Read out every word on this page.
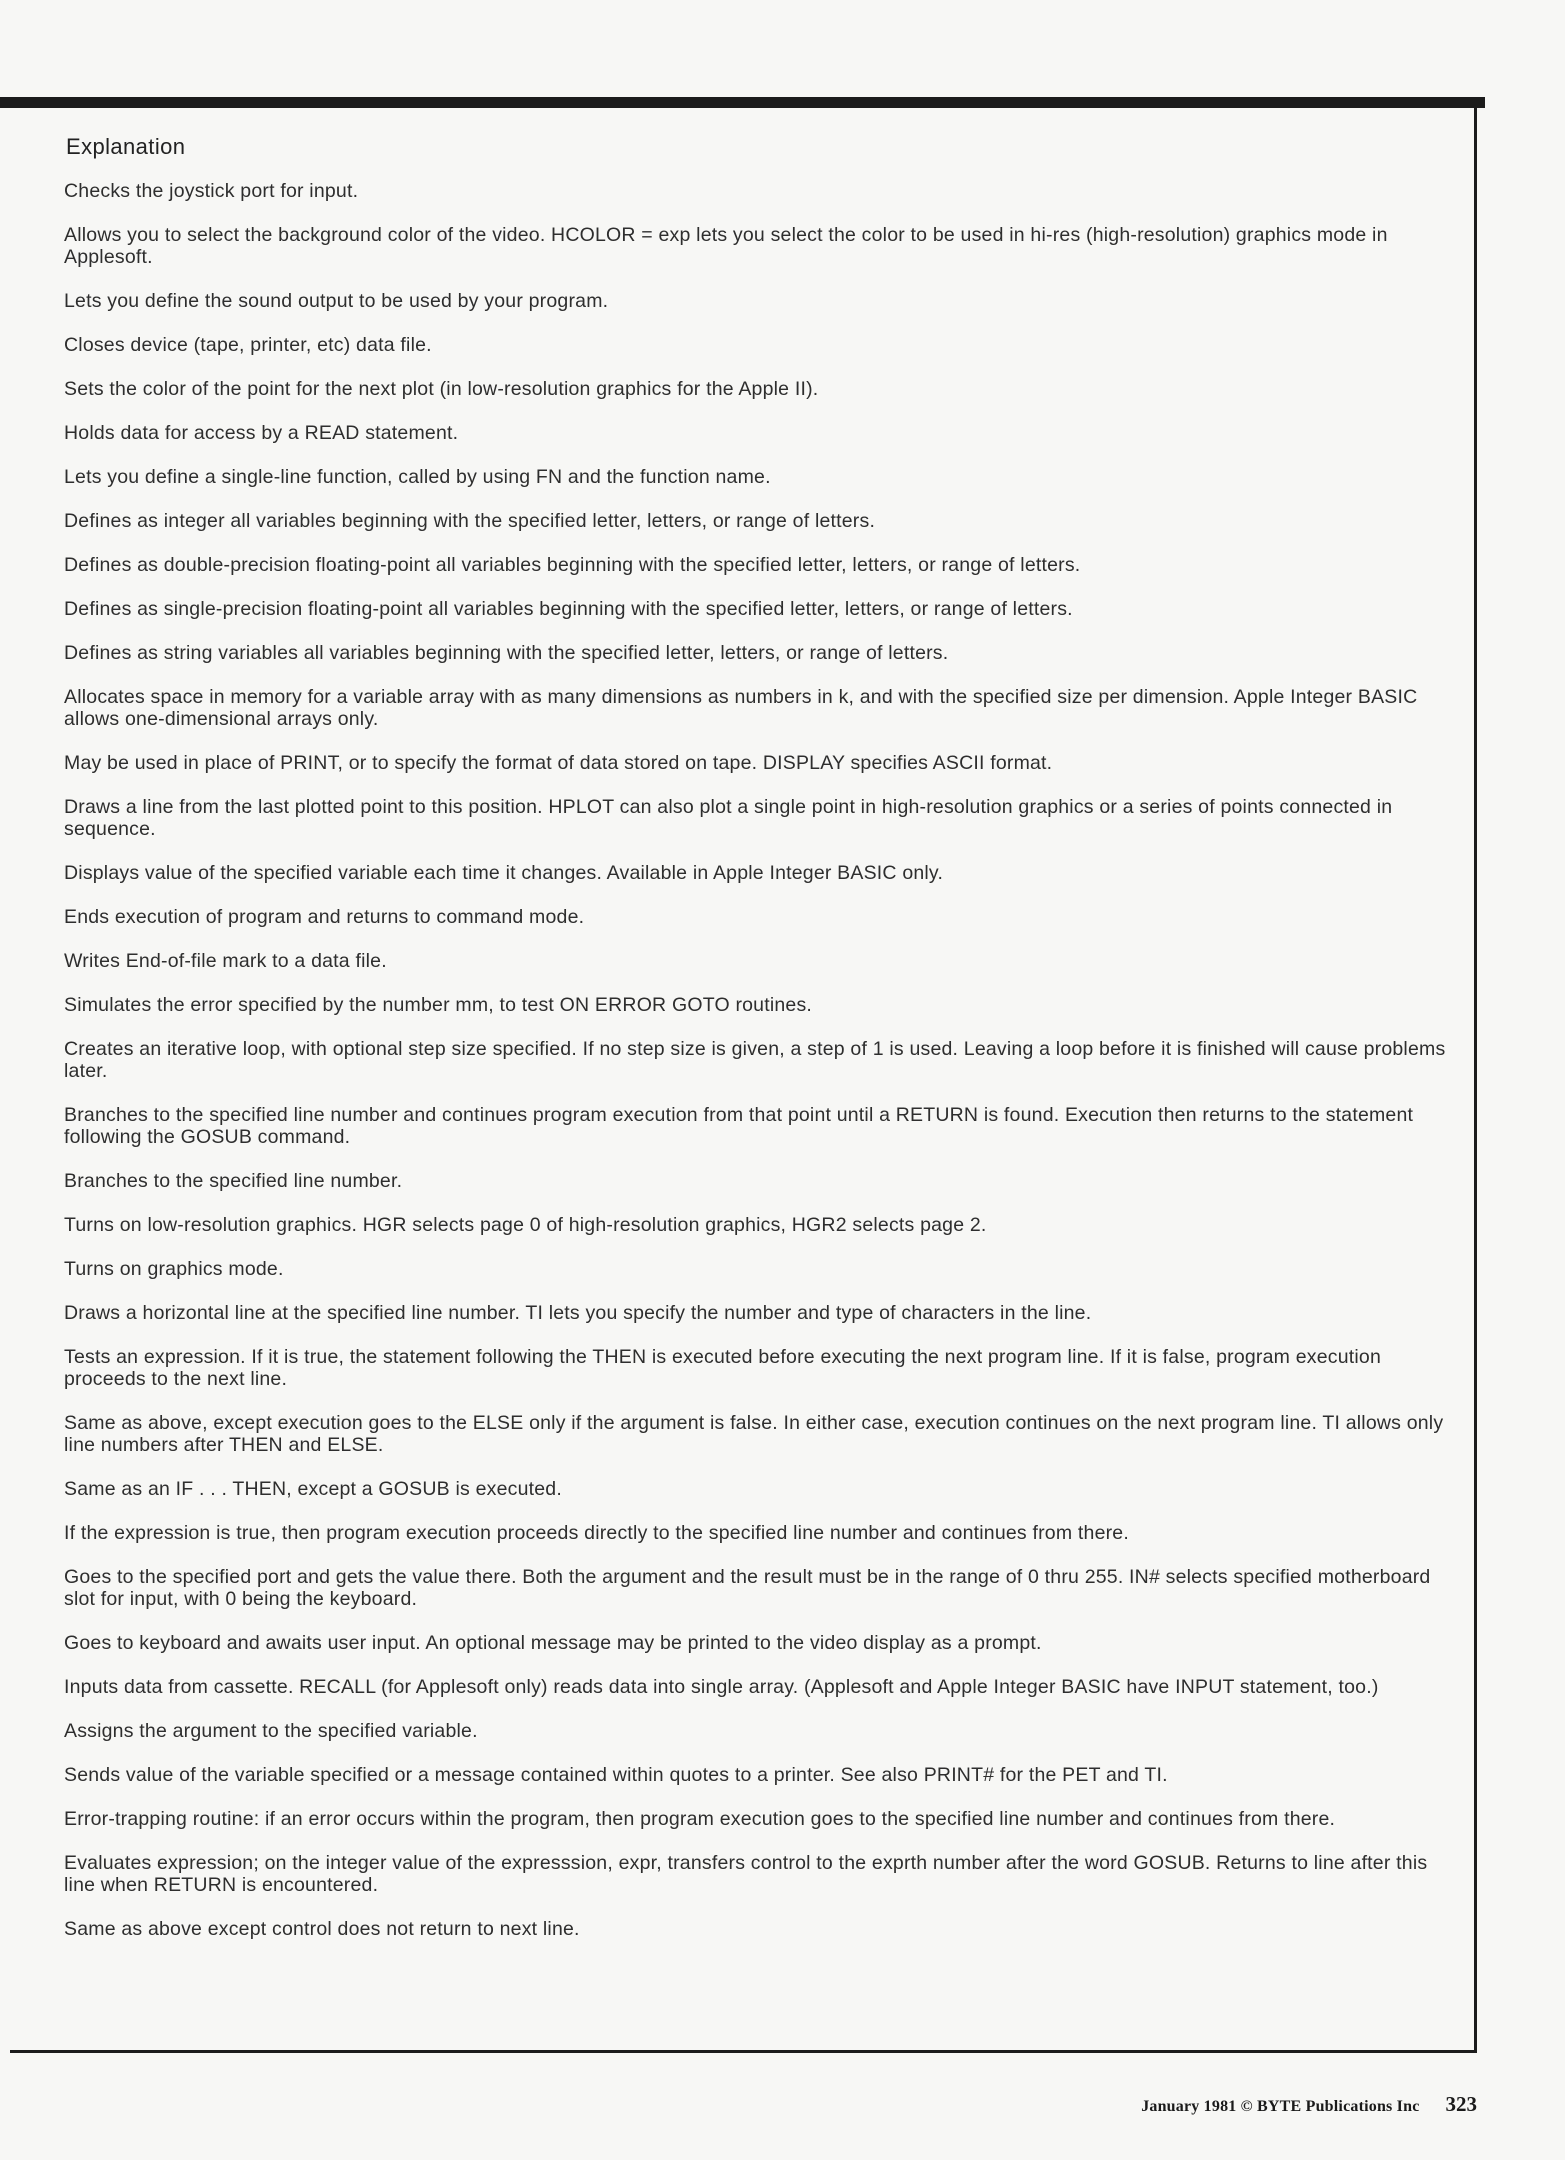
Explanation
Checks the joystick port for input.
Allows you to select the background color of the video. HCOLOR = exp lets you select the color to be used in hi-res (high-resolution) graphics mode in Applesoft.
Lets you define the sound output to be used by your program.
Closes device (tape, printer, etc) data file.
Sets the color of the point for the next plot (in low-resolution graphics for the Apple II).
Holds data for access by a READ statement.
Lets you define a single-line function, called by using FN and the function name.
Defines as integer all variables beginning with the specified letter, letters, or range of letters.
Defines as double-precision floating-point all variables beginning with the specified letter, letters, or range of letters.
Defines as single-precision floating-point all variables beginning with the specified letter, letters, or range of letters.
Defines as string variables all variables beginning with the specified letter, letters, or range of letters.
Allocates space in memory for a variable array with as many dimensions as numbers in k, and with the specified size per dimension. Apple Integer BASIC allows one-dimensional arrays only.
May be used in place of PRINT, or to specify the format of data stored on tape. DISPLAY specifies ASCII format.
Draws a line from the last plotted point to this position. HPLOT can also plot a single point in high-resolution graphics or a series of points connected in sequence.
Displays value of the specified variable each time it changes. Available in Apple Integer BASIC only.
Ends execution of program and returns to command mode.
Writes End-of-file mark to a data file.
Simulates the error specified by the number mm, to test ON ERROR GOTO routines.
Creates an iterative loop, with optional step size specified. If no step size is given, a step of 1 is used. Leaving a loop before it is finished will cause problems later.
Branches to the specified line number and continues program execution from that point until a RETURN is found. Execution then returns to the statement following the GOSUB command.
Branches to the specified line number.
Turns on low-resolution graphics. HGR selects page 0 of high-resolution graphics, HGR2 selects page 2.
Turns on graphics mode.
Draws a horizontal line at the specified line number. TI lets you specify the number and type of characters in the line.
Tests an expression. If it is true, the statement following the THEN is executed before executing the next program line. If it is false, program execution proceeds to the next line.
Same as above, except execution goes to the ELSE only if the argument is false. In either case, execution continues on the next program line. TI allows only line numbers after THEN and ELSE.
Same as an IF . . . THEN, except a GOSUB is executed.
If the expression is true, then program execution proceeds directly to the specified line number and continues from there.
Goes to the specified port and gets the value there. Both the argument and the result must be in the range of 0 thru 255. IN# selects specified motherboard slot for input, with 0 being the keyboard.
Goes to keyboard and awaits user input. An optional message may be printed to the video display as a prompt.
Inputs data from cassette. RECALL (for Applesoft only) reads data into single array. (Applesoft and Apple Integer BASIC have INPUT statement, too.)
Assigns the argument to the specified variable.
Sends value of the variable specified or a message contained within quotes to a printer. See also PRINT# for the PET and TI.
Error-trapping routine: if an error occurs within the program, then program execution goes to the specified line number and continues from there.
Evaluates expression; on the integer value of the expresssion, expr, transfers control to the exprth number after the word GOSUB. Returns to line after this line when RETURN is encountered.
Same as above except control does not return to next line.
January 1981 © BYTE Publications Inc 323
